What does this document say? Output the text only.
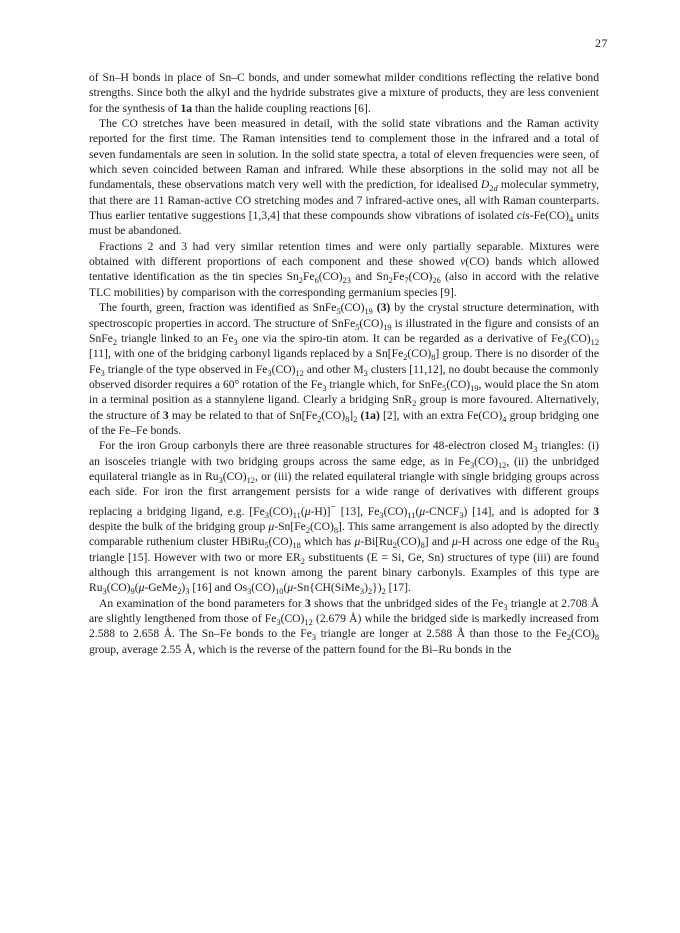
27

of Sn–H bonds in place of Sn–C bonds, and under somewhat milder conditions reflecting the relative bond strengths. Since both the alkyl and the hydride substrates give a mixture of products, they are less convenient for the synthesis of 1a than the halide coupling reactions [6].

The CO stretches have been measured in detail, with the solid state vibrations and the Raman activity reported for the first time. The Raman intensities tend to complement those in the infrared and a total of seven fundamentals are seen in solution. In the solid state spectra, a total of eleven frequencies were seen, of which seven coincided between Raman and infrared. While these absorptions in the solid may not all be fundamentals, these observations match very well with the prediction, for idealised $D_{2d}$ molecular symmetry, that there are 11 Raman-active CO stretching modes and 7 infrared-active ones, all with Raman counterparts. Thus earlier tentative suggestions [1,3,4] that these compounds show vibrations of isolated cis-$Fe(CO)_4$ units must be abandoned.

Fractions 2 and 3 had very similar retention times and were only partially separable. Mixtures were obtained with different proportions of each component and these showed ν(CO) bands which allowed tentative identification as the tin species $Sn_2Fe_6(CO)_{23}$ and $Sn_2Fe_7(CO)_{26}$ (also in accord with the relative TLC mobilities) by comparison with the corresponding germanium species [9].

The fourth, green, fraction was identified as $SnFe_5(CO)_{19}$ (3) by the crystal structure determination, with spectroscopic properties in accord. The structure of $SnFe_5(CO)_{19}$ is illustrated in the figure and consists of an SnFe$_2$ triangle linked to an $Fe_3$ one via the spiro-tin atom. It can be regarded as a derivative of $Fe_3(CO)_{12}$ [11], with one of the bridging carbonyl ligands replaced by a $Sn[Fe_2(CO)_8]$ group. There is no disorder of the $Fe_3$ triangle of the type observed in $Fe_3(CO)_{12}$ and other $M_3$ clusters [11,12], no doubt because the commonly observed disorder requires a 60° rotation of the $Fe_3$ triangle which, for $SnFe_5(CO)_{19}$, would place the Sn atom in a terminal position as a stannylene ligand. Clearly a bridging SnR$_2$ group is more favoured. Alternatively, the structure of 3 may be related to that of $Sn[Fe_2(CO)_8]_2$ (1a) [2], with an extra $Fe(CO)_4$ group bridging one of the Fe–Fe bonds.

For the iron Group carbonyls there are three reasonable structures for 48-electron closed $M_3$ triangles: (i) an isosceles triangle with two bridging groups across the same edge, as in $Fe_3(CO)_{12}$, (ii) the unbridged equilateral triangle as in $Ru_3(CO)_{12}$, or (iii) the related equilateral triangle with single bridging groups across each side. For iron the first arrangement persists for a wide range of derivatives with different groups replacing a bridging ligand, e.g. $[Fe_3(CO)_{11}(\mu-H)]^-$ [13], $Fe_3(CO)_{11}(\mu-CNCF_3)$ [14], and is adopted for 3 despite the bulk of the bridging group $\mu-Sn[Fe_2(CO)_8]$. This same arrangement is also adopted by the directly comparable ruthenium cluster $HBiRu_5(CO)_{18}$ which has $\mu-Bi[Ru_2(CO)_8]$ and μ-H across one edge of the $Ru_3$ triangle [15]. However with two or more $ER_2$ substituents (E = Si, Ge, Sn) structures of type (iii) are found although this arrangement is not known among the parent binary carbonyls. Examples of this type are $Ru_3(CO)_9(\mu-GeMe_2)_3$ [16] and $Os_3(CO)_{10}(\mu-Sn\{CH(SiMe_3)_2\})_2$ [17].

An examination of the bond parameters for 3 shows that the unbridged sides of the $Fe_3$ triangle at 2.708 Å are slightly lengthened from those of $Fe_3(CO)_{12}$ (2.679 Å) while the bridged side is markedly increased from 2.588 to 2.658 Å. The Sn–Fe bonds to the $Fe_3$ triangle are longer at 2.588 Å than those to the $Fe_2(CO)_8$ group, average 2.55 Å, which is the reverse of the pattern found for the Bi–Ru bonds in the
